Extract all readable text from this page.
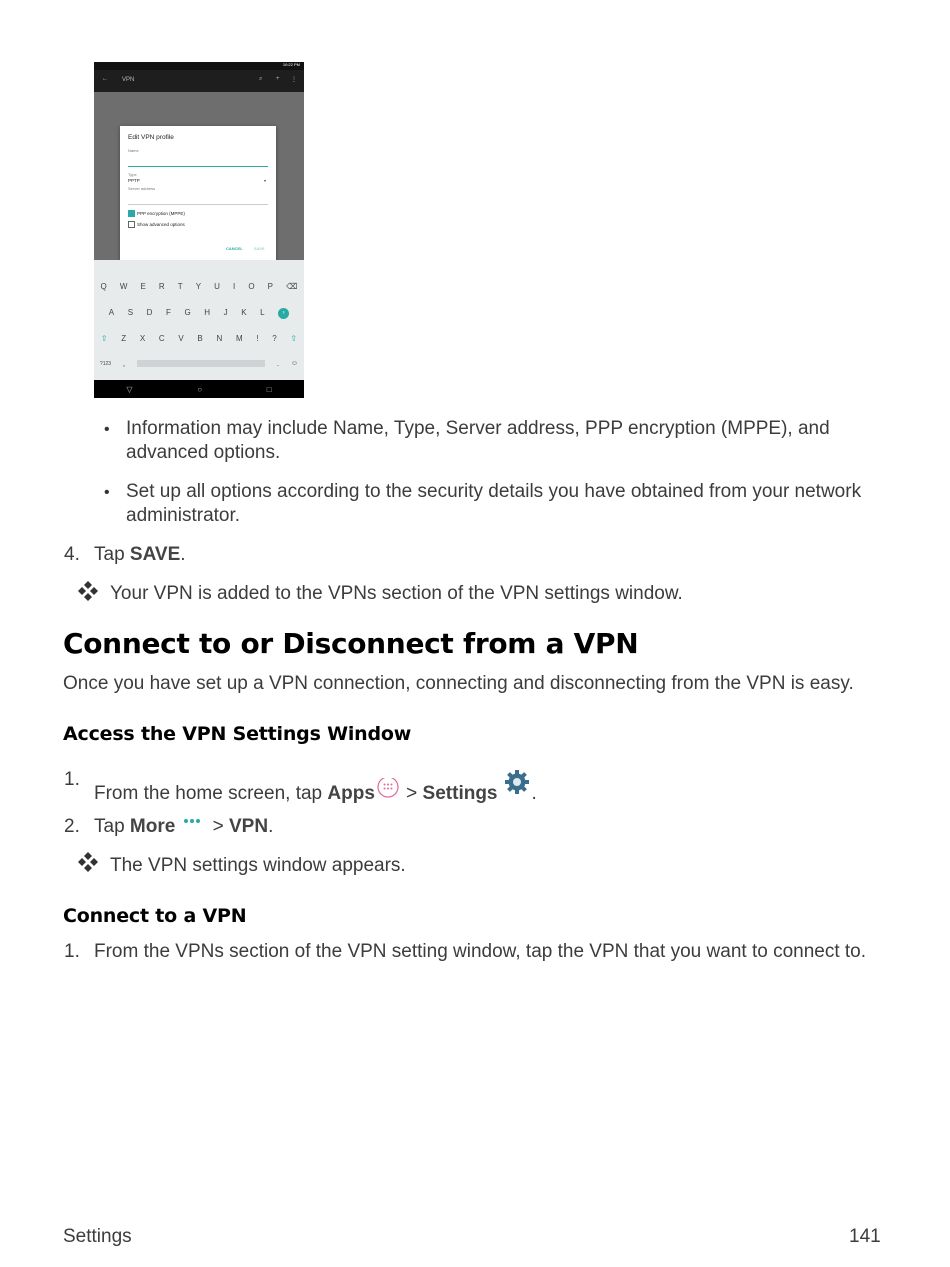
10:22 PM
← VPN	⌕ + ⋮
Edit VPN profile
Name
Type
PPTP	▾
Server address
PPP encryption (MPPE)
Show advanced options
CANCEL	SAVE
Q W E R T Y U I O P ⌫
A S D F G H J K L	›
⇧ Z X C V B N M ! ? ⇧
?123 ,	. ☺
▽	○	□
• Information may include Name, Type, Server address, PPP encryption (MPPE), and
advanced options.
• Set up all options according to the security details you have obtained from your network
administrator.
4. Tap SAVE.
Your VPN is added to the VPNs section of the VPN settings window.
Connect to or Disconnect from a VPN
Once you have set up a VPN connection, connecting and disconnecting from the VPN is easy.
Access the VPN Settings Window
1.
From the home screen, tap Apps > Settings .
2. Tap More > VPN.
The VPN settings window appears.
Connect to a VPN
1. From the VPNs section of the VPN setting window, tap the VPN that you want to connect to.
Settings	141
